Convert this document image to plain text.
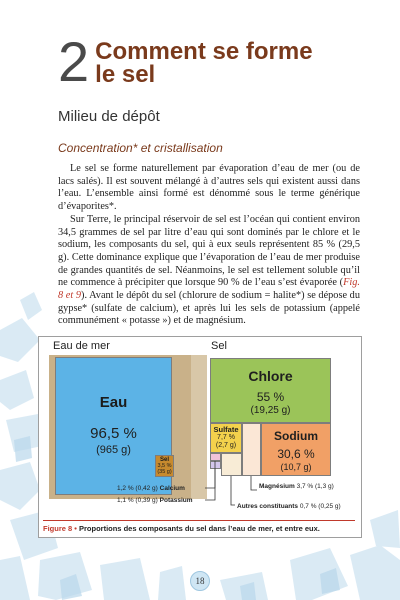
2 Comment se forme
le sel
Milieu de dépôt
Concentration* et cristallisation

Le sel se forme naturellement par évaporation d’eau de mer (ou de lacs salés). Il est souvent mélangé à d’autres sels qui existent aussi dans l’eau. L’ensemble ainsi formé est dénommé sous le terme générique d’évaporites*.

Sur Terre, le principal réservoir de sel est l’océan qui contient environ 34,5 grammes de sel par litre d’eau qui sont dominés par le chlore et le sodium, les composants du sel, qui à eux seuls représentent 85 % (29,5 g). Cette dominance explique que l’évaporation de l’eau de mer produise de grandes quantités de sel. Néanmoins, le sel est tellement soluble qu’il ne commence à précipiter que lorsque 90 % de l’eau s’est évaporée (Fig. 8 et 9). Avant le dépôt du sel (chlorure de sodium = halite*) se dépose du gypse* (sulfate de calcium), et après lui les sels de potassium (appelé communément « potasse ») et de magnésium.

Eau de mer	Sel
Eau
96,5 %
(965 g)
Sel
3,5 %
(35 g)
Chlore
55 %
(19,25 g)
Sulfate
7,7 %
(2,7 g)
Sodium
30,6 %
(10,7 g)
1,2 % (0,42 g) Calcium
1,1 % (0,39 g) Potassium
Magnésium 3,7 % (1,3 g)
Autres constituants 0,7 % (0,25 g)
Figure 8 • Proportions des composants du sel dans l’eau de mer, et entre eux.
18
